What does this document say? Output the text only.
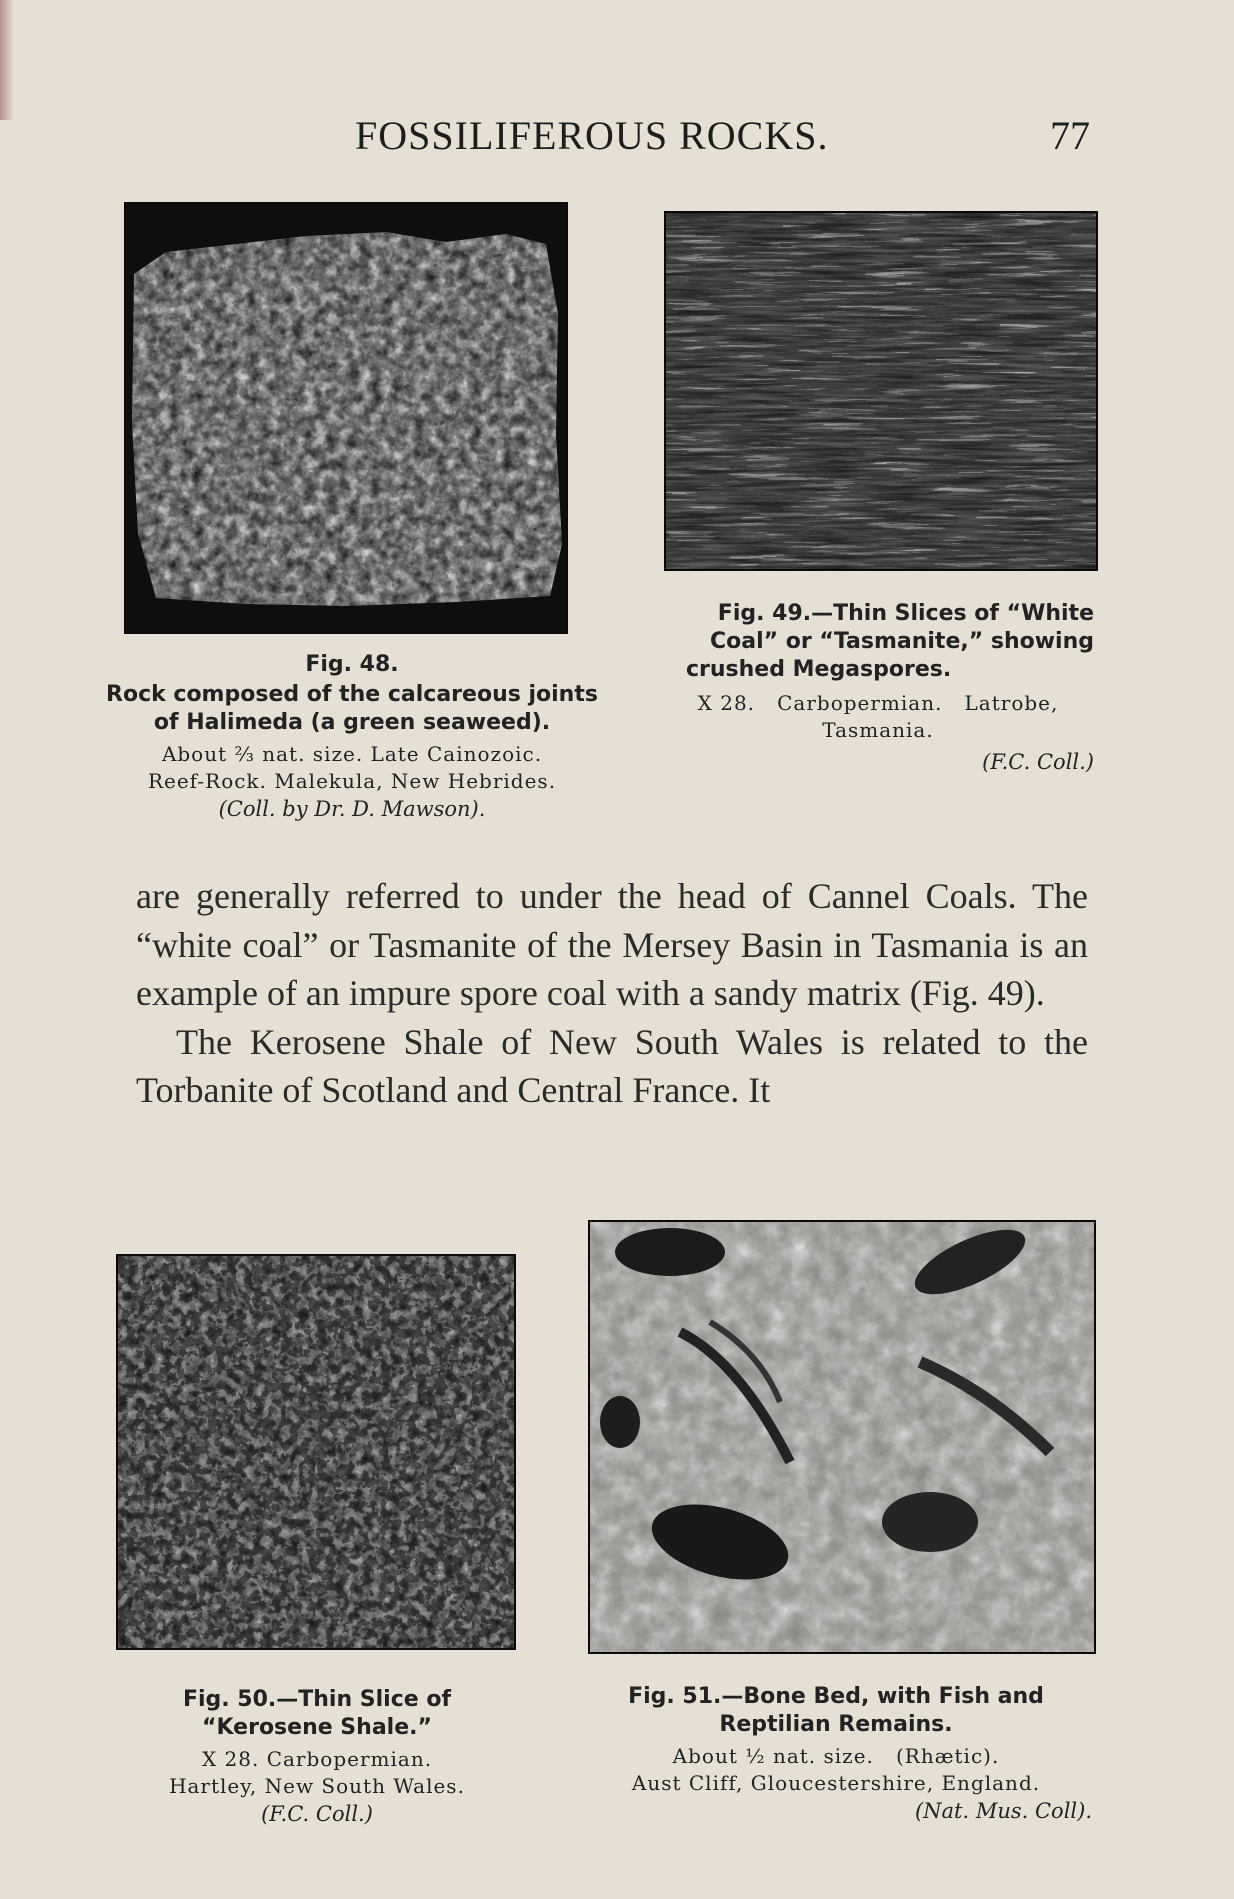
FOSSILIFEROUS ROCKS.	77
Fig. 48.
Rock composed of the calcareous joints
of Halimeda (a green seaweed).
About ⅔ nat. size. Late Cainozoic.
Reef-Rock. Malekula, New Hebrides.
(Coll. by Dr. D. Mawson).
Fig. 49.—Thin Slices of “White
Coal” or “Tasmanite,” showing
crushed Megaspores.
X 28.   Carbopermian.   Latrobe,
Tasmania.
(F.C. Coll.)

are generally referred to under the head of Cannel Coals. The “white coal” or Tasmanite of the Mersey Basin in Tasmania is an example of an impure spore coal with a sandy matrix (Fig. 49).

The Kerosene Shale of New South Wales is related to the Torbanite of Scotland and Central France. It

Fig. 50.—Thin Slice of
“Kerosene Shale.”
X 28. Carbopermian.
Hartley, New South Wales.
(F.C. Coll.)
Fig. 51.—Bone Bed, with Fish and
Reptilian Remains.
About ½ nat. size.   (Rhætic).
Aust Cliff, Gloucestershire, England.
(Nat. Mus. Coll).
